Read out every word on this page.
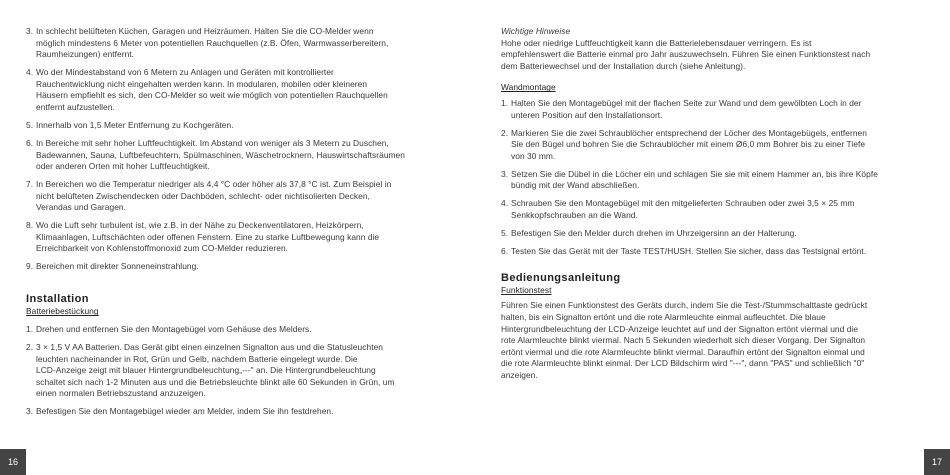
3. In schlecht belüfteten Küchen, Garagen und Heizräumen. Halten Sie die CO-Melder wenn
möglich mindestens 6 Meter von potentiellen Rauchquellen (z.B. Öfen, Warmwasserbereitern,
Raumheizungen) entfernt.
4. Wo der Mindestabstand von 6 Metern zu Anlagen und Geräten mit kontrollierter
Rauchentwicklung nicht eingehalten werden kann. In modularen, mobilen oder kleineren
Häusern empfiehlt es sich, den CO-Melder so weit wie möglich von potentiellen Rauchquellen
entfernt aufzustellen.
5. Innerhalb von 1,5 Meter Entfernung zu Kochgeräten.
6. In Bereiche mit sehr hoher Luftfeuchtigkeit. Im Abstand von weniger als 3 Metern zu Duschen,
Badewannen, Sauna, Luftbefeuchtern, Spülmaschinen, Wäschetrocknern, Hauswirtschaftsräumen
oder anderen Orten mit hoher Luftfeuchtigkeit.
7. In Bereichen wo die Temperatur niedriger als 4,4 °C oder höher als 37,8 °C ist. Zum Beispiel in
nicht belüfteten Zwischendecken oder Dachböden, schlecht- oder nichtisolierten Decken,
Verandas und Garagen.
8. Wo die Luft sehr turbulent ist, wie z.B. in der Nähe zu Deckenventilatoren, Heizkörpern,
Klimaanlagen, Luftschächten oder offenen Fenstern. Eine zu starke Luftbewegung kann die
Erreichbarkeit von Kohlenstoffmonoxid zum CO-Melder reduzieren.
9. Bereichen mit direkter Sonneneinstrahlung.
Installation
Batteriebestückung
1. Drehen und entfernen Sie den Montagebügel vom Gehäuse des Melders.
2. 3 × 1,5 V AA Batterien. Das Gerät gibt einen einzelnen Signalton aus und die Statusleuchten
leuchten nacheinander in Rot, Grün und Gelb, nachdem Batterie eingelegt wurde. Die
LCD-Anzeige zeigt mit blauer Hintergrundbeleuchtung„---" an. Die Hintergrundbeleuchtung
schaltet sich nach 1-2 Minuten aus und die Betriebsleuchte blinkt alle 60 Sekunden in Grün, um
einen normalen Betriebszustand anzuzeigen.
3. Befestigen Sie den Montagebügel wieder am Melder, indem Sie ihn festdrehen.
16
Wichtige Hinweise
Hohe oder niedrige Luftfeuchtigkeit kann die Batterielebensdauer verringern. Es ist
empfehlenswert die Batterie einmal pro Jahr auszuwechseln. Führen Sie einen Funktionstest nach
dem Batteriewechsel und der Installation durch (siehe Anleitung).
Wandmontage
1. Halten Sie den Montagebügel mit der flachen Seite zur Wand und dem gewölbten Loch in der
unteren Position auf den Installationsort.
2. Markieren Sie die zwei Schraublöcher entsprechend der Löcher des Montagebügels, entfernen
Sie den Bügel und bohren Sie die Schraublöcher mit einem Ø6,0 mm Bohrer bis zu einer Tiefe
von 30 mm.
3. Setzen Sie die Dübel in die Löcher ein und schlagen Sie sie mit einem Hammer an, bis ihre Köpfe
bündig mit der Wand abschließen.
4. Schrauben Sie den Montagebügel mit den mitgelieferten Schrauben oder zwei 3,5 × 25 mm
Senkkopfschrauben an die Wand.
5. Befestigen Sie den Melder durch drehen im Uhrzeigersinn an der Halterung.
6. Testen Sie das Gerät mit der Taste TEST/HUSH. Stellen Sie sicher, dass das Testsignal ertönt.
Bedienungsanleitung
Funktionstest
Führen Sie einen Funktionstest des Geräts durch, indem Sie die Test-/Stummschalttaste gedrückt
halten, bis ein Signalton ertönt und die rote Alarmleuchte einmal aufleuchtet. Die blaue
Hintergrundbeleuchtung der LCD-Anzeige leuchtet auf und der Signalton ertönt viermal und die
rote Alarmleuchte blinkt viermal. Nach 5 Sekunden wiederholt sich dieser Vorgang. Der Signalton
ertönt viermal und die rote Alarmleuchte blinkt viermal. Daraufhin ertönt der Signalton einmal und
die rote Alarmleuchte blinkt einmal. Der LCD Bildschirm wird "---", dann "PAS" und schließlich "0"
anzeigen.
17
